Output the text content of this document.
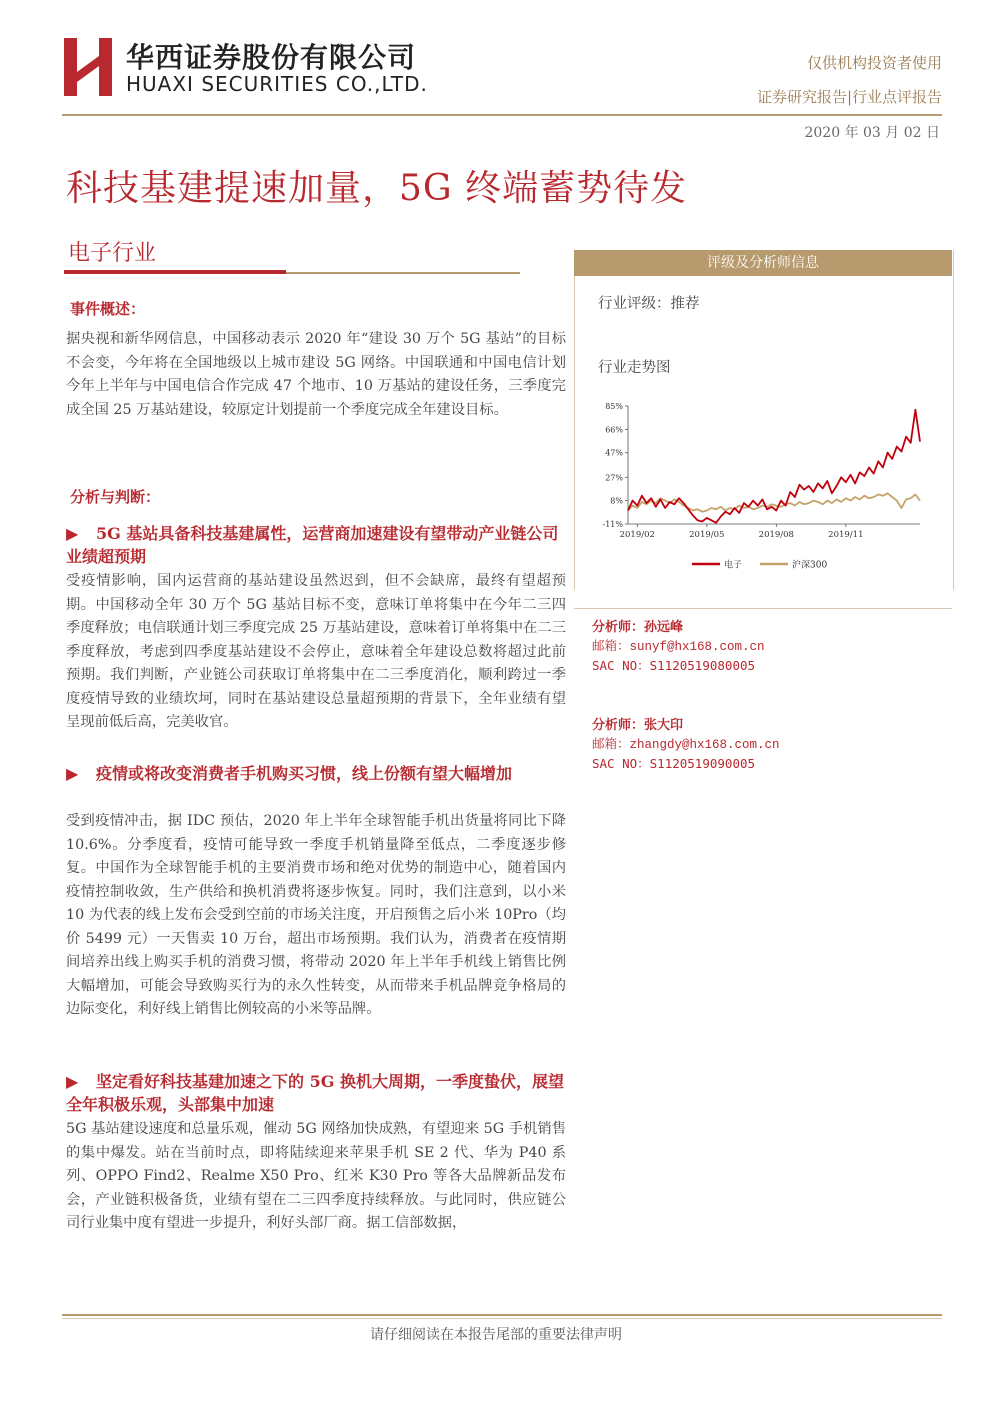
华西证券股份有限公司
HUAXI SECURITIES CO.,LTD.
仅供机构投资者使用
证券研究报告|行业点评报告
2020 年 03 月 02 日
科技基建提速加量，5G 终端蓄势待发
电子行业
事件概述：
据央视和新华网信息，中国移动表示 2020 年“建设 30 万个 5G 基站”的目标不会变，今年将在全国地级以上城市建设 5G 网络。中国联通和中国电信计划今年上半年与中国电信合作完成 47 个地市、10 万基站的建设任务，三季度完成全国 25 万基站建设，较原定计划提前一个季度完成全年建设目标。
分析与判断：
▶ 5G 基站具备科技基建属性，运营商加速建设有望带动产业链公司业绩超预期
受疫情影响，国内运营商的基站建设虽然迟到，但不会缺席，最终有望超预期。中国移动全年 30 万个 5G 基站目标不变，意味订单将集中在今年二三四季度释放；电信联通计划三季度完成 25 万基站建设，意味着订单将集中在二三季度释放，考虑到四季度基站建设不会停止，意味着全年建设总数将超过此前预期。我们判断，产业链公司获取订单将集中在二三季度消化，顺利跨过一季度疫情导致的业绩坎坷，同时在基站建设总量超预期的背景下，全年业绩有望呈现前低后高，完美收官。
▶ 疫情或将改变消费者手机购买习惯，线上份额有望大幅增加
受到疫情冲击，据 IDC 预估，2020 年上半年全球智能手机出货量将同比下降 10.6%。分季度看，疫情可能导致一季度手机销量降至低点，二季度逐步修复。中国作为全球智能手机的主要消费市场和绝对优势的制造中心，随着国内疫情控制收敛，生产供给和换机消费将逐步恢复。同时，我们注意到，以小米 10 为代表的线上发布会受到空前的市场关注度，开启预售之后小米 10Pro（均价 5499 元）一天售卖 10 万台，超出市场预期。我们认为，消费者在疫情期间培养出线上购买手机的消费习惯，将带动 2020 年上半年手机线上销售比例大幅增加，可能会导致购买行为的永久性转变，从而带来手机品牌竞争格局的边际变化，利好线上销售比例较高的小米等品牌。
▶ 坚定看好科技基建加速之下的 5G 换机大周期，一季度蛰伏，展望全年积极乐观，头部集中加速
5G 基站建设速度和总量乐观，催动 5G 网络加快成熟，有望迎来 5G 手机销售的集中爆发。站在当前时点，即将陆续迎来苹果手机 SE 2 代、华为 P40 系列、OPPO Find2、Realme X50 Pro、红米 K30 Pro 等各大品牌新品发布会，产业链积极备货，业绩有望在二三四季度持续释放。与此同时，供应链公司行业集中度有望进一步提升，利好头部厂商。据工信部数据，
评级及分析师信息
行业评级：推荐
行业走势图
85%
66%
47%
27%
8%
-11%
2019/02	2019/05	2019/08	2019/11
电子	沪深300
分析师：孙远峰
邮箱：sunyf@hx168.com.cn
SAC NO：S1120519080005
分析师：张大印
邮箱：zhangdy@hx168.com.cn
SAC NO：S1120519090005
请仔细阅读在本报告尾部的重要法律声明
